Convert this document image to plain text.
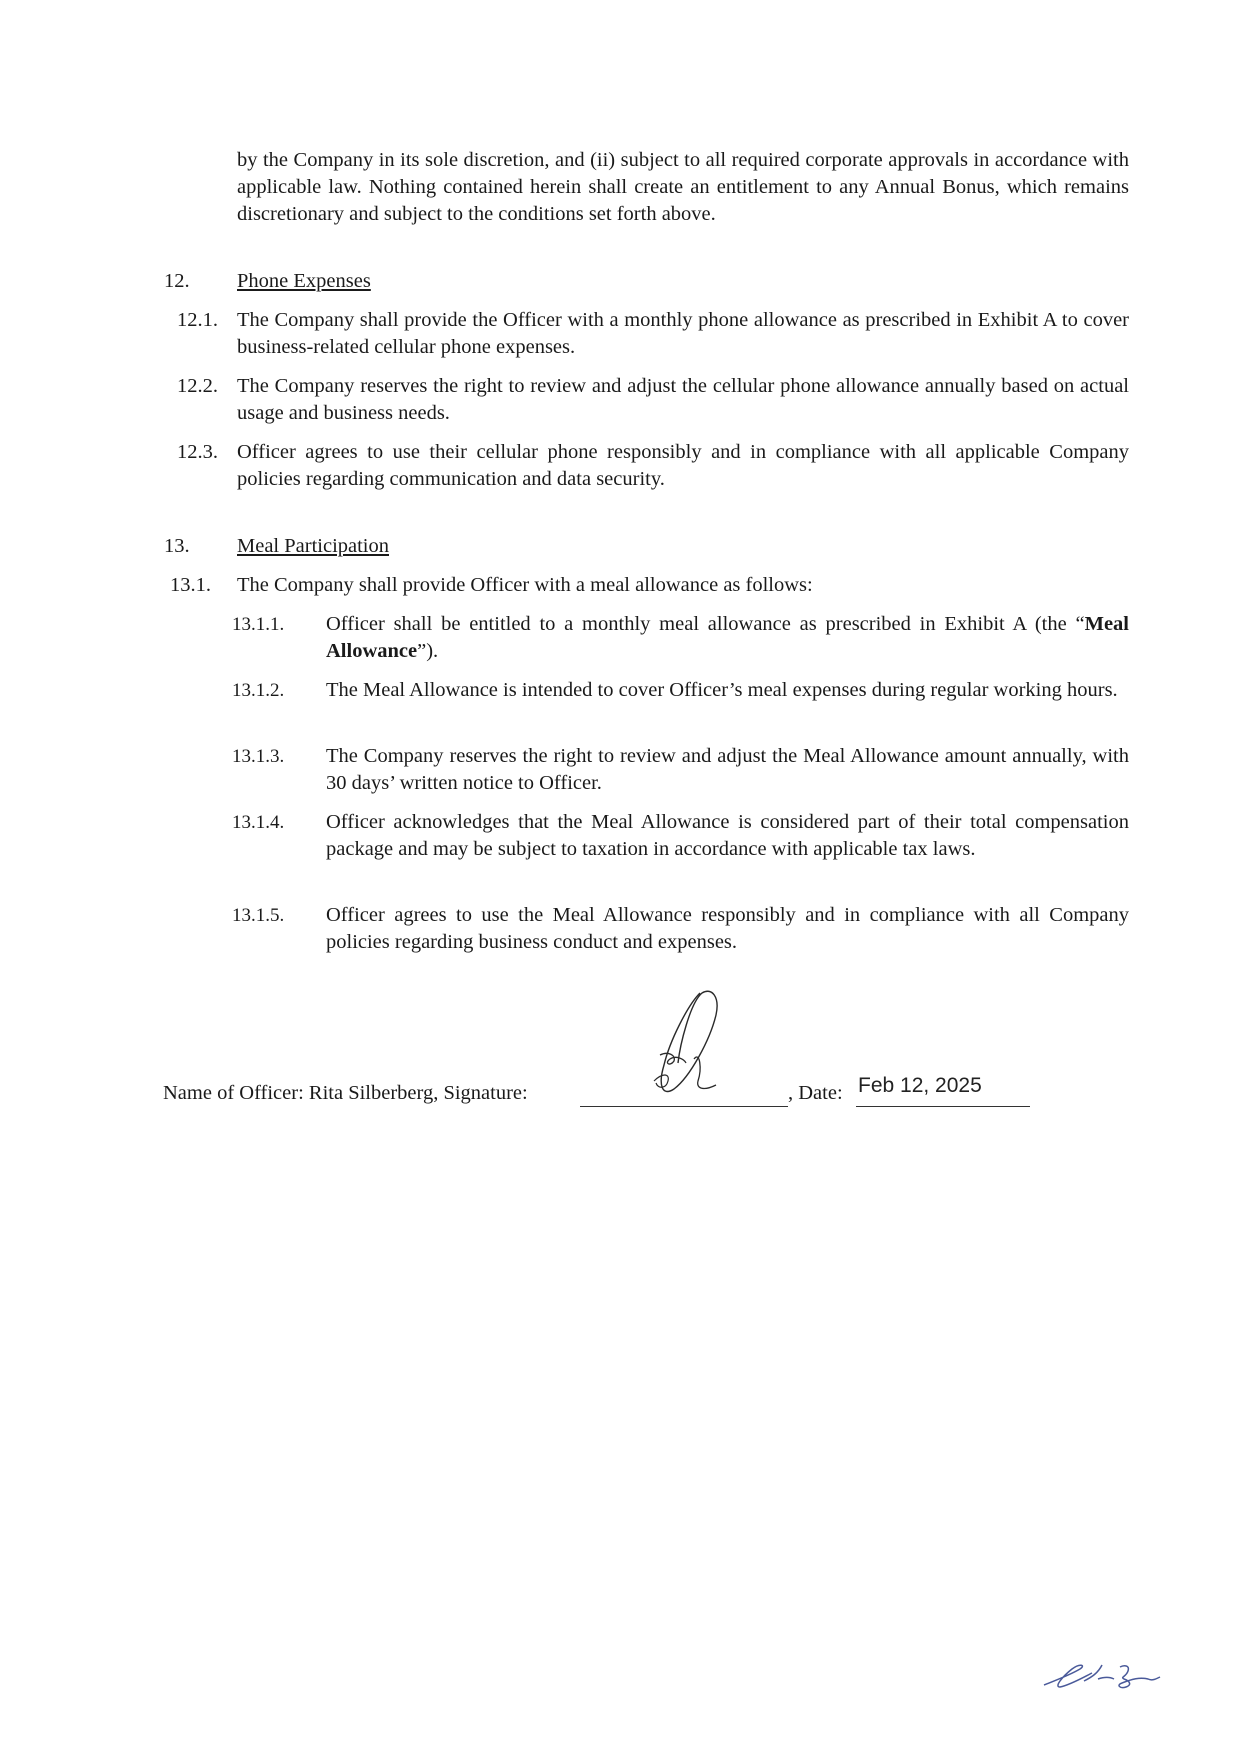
by the Company in its sole discretion, and (ii) subject to all required corporate approvals in accordance with applicable law. Nothing contained herein shall create an entitlement to any Annual Bonus, which remains discretionary and subject to the conditions set forth above.
12. Phone Expenses
12.1. The Company shall provide the Officer with a monthly phone allowance as prescribed in Exhibit A to cover business-related cellular phone expenses.
12.2. The Company reserves the right to review and adjust the cellular phone allowance annually based on actual usage and business needs.
12.3. Officer agrees to use their cellular phone responsibly and in compliance with all applicable Company policies regarding communication and data security.
13. Meal Participation
13.1. The Company shall provide Officer with a meal allowance as follows:
13.1.1. Officer shall be entitled to a monthly meal allowance as prescribed in Exhibit A (the “Meal Allowance”).
13.1.2. The Meal Allowance is intended to cover Officer’s meal expenses during regular working hours.
13.1.3. The Company reserves the right to review and adjust the Meal Allowance amount annually, with 30 days’ written notice to Officer.
13.1.4. Officer acknowledges that the Meal Allowance is considered part of their total compensation package and may be subject to taxation in accordance with applicable tax laws.
13.1.5. Officer agrees to use the Meal Allowance responsibly and in compliance with all Company policies regarding business conduct and expenses.
Name of Officer: Rita Silberberg, Signature:	, Date: Feb 12, 2025
